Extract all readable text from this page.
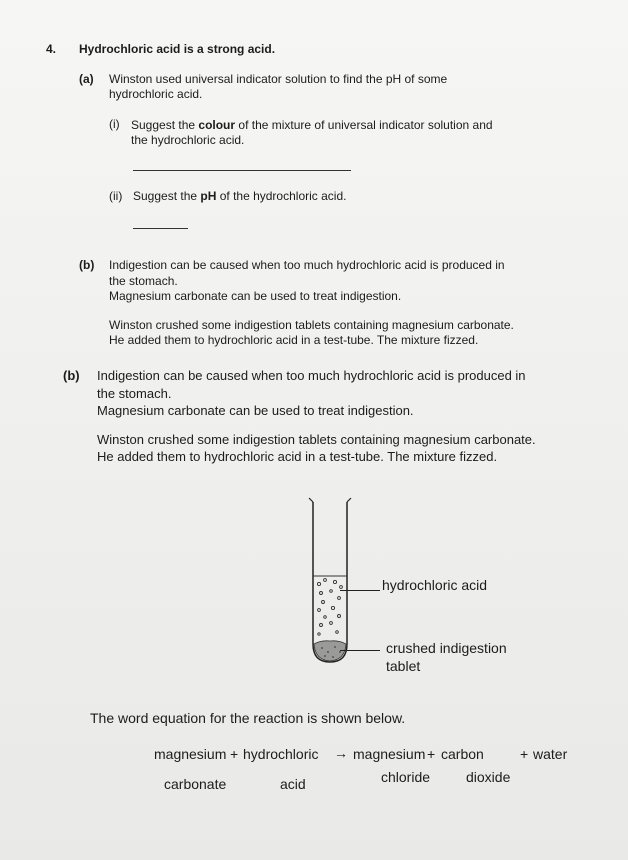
4. Hydrochloric acid is a strong acid.
(a) Winston used universal indicator solution to find the pH of some
hydrochloric acid.
(i) Suggest the colour of the mixture of universal indicator solution and
the hydrochloric acid.
(ii) Suggest the pH of the hydrochloric acid.
(b) Indigestion can be caused when too much hydrochloric acid is produced in
the stomach.
Magnesium carbonate can be used to treat indigestion.
Winston crushed some indigestion tablets containing magnesium carbonate.
He added them to hydrochloric acid in a test-tube. The mixture fizzed.
(b) Indigestion can be caused when too much hydrochloric acid is produced in
the stomach.
Magnesium carbonate can be used to treat indigestion.
Winston crushed some indigestion tablets containing magnesium carbonate.
He added them to hydrochloric acid in a test-tube. The mixture fizzed.
hydrochloric acid
crushed indigestion
tablet
The word equation for the reaction is shown below.
magnesium
carbonate
+ hydrochloric
acid
→ magnesium
chloride
+ carbon
dioxide
+ water
